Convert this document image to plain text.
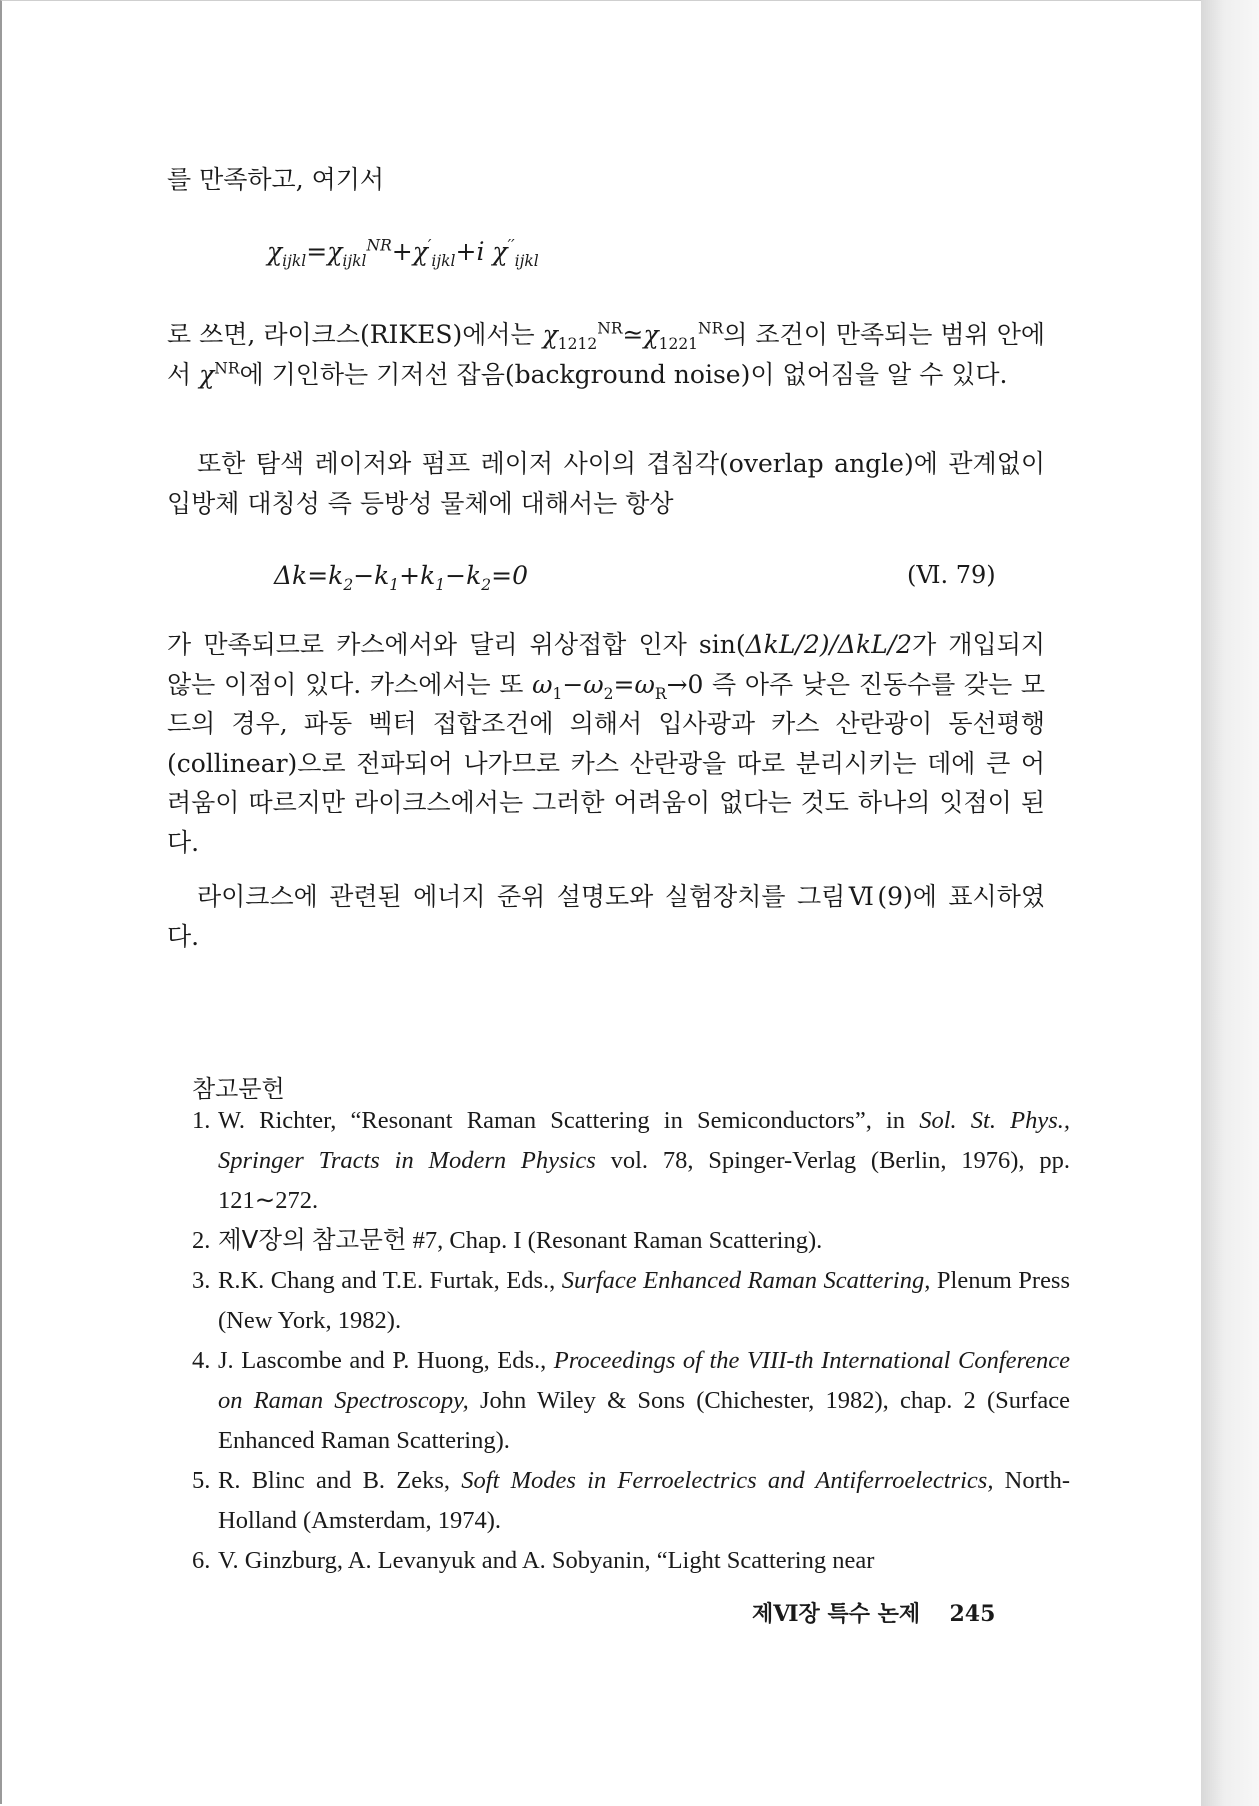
를 만족하고, 여기서
$\chi_{ijkl}=\chi_{ijkl}^{NR}+\chi'_{ijkl}+i$ $\chi''_{ijkl}$
로 쓰면, 라이크스(RIKES)에서는 $\chi_{1212}^{NR}≃\chi_{1221}^{NR}$의 조건이 만족되는 범위 안에서 $\chi^{NR}$에 기인하는 기저선 잡음(background noise)이 없어짐을 알 수 있다.
또한 탐색 레이저와 펌프 레이저 사이의 겹침각(overlap angle)에 관계없이 입방체 대칭성 즉 등방성 물체에 대해서는 항상
$\Delta k=k_2-k_1+k_1-k_2=0$	(Ⅵ. 79)
가 만족되므로 카스에서와 달리 위상접합 인자 sin(ΔkL/2)/ΔkL/2가 개입되지 않는 이점이 있다. 카스에서는 또 $\omega_1-\omega_2=\omega_R\to 0$ 즉 아주 낮은 진동수를 갖는 모드의 경우, 파동 벡터 접합조건에 의해서 입사광과 카스 산란광이 동선평행(collinear)으로 전파되어 나가므로 카스 산란광을 따로 분리시키는 데에 큰 어려움이 따르지만 라이크스에서는 그러한 어려움이 없다는 것도 하나의 잇점이 된다.
라이크스에 관련된 에너지 준위 설명도와 실험장치를 그림Ⅵ(9)에 표시하였다.
참고문헌
1. W. Richter, “Resonant Raman Scattering in Semiconductors”, in Sol. St. Phys., Springer Tracts in Modern Physics vol. 78, Spinger-Verlag (Berlin, 1976), pp. 121∼272.
2. 제Ⅴ장의 참고문헌 #7, Chap. I (Resonant Raman Scattering).
3. R.K. Chang and T.E. Furtak, Eds., Surface Enhanced Raman Scattering, Plenum Press (New York, 1982).
4. J. Lascombe and P. Huong, Eds., Proceedings of the VIII-th International Conference on Raman Spectroscopy, John Wiley & Sons (Chichester, 1982), chap. 2 (Surface Enhanced Raman Scattering).
5. R. Blinc and B. Zeks, Soft Modes in Ferroelectrics and Antiferroelectrics, North-Holland (Amsterdam, 1974).
6. V. Ginzburg, A. Levanyuk and A. Sobyanin, “Light Scattering near
제Ⅵ장 특수 논제 245
